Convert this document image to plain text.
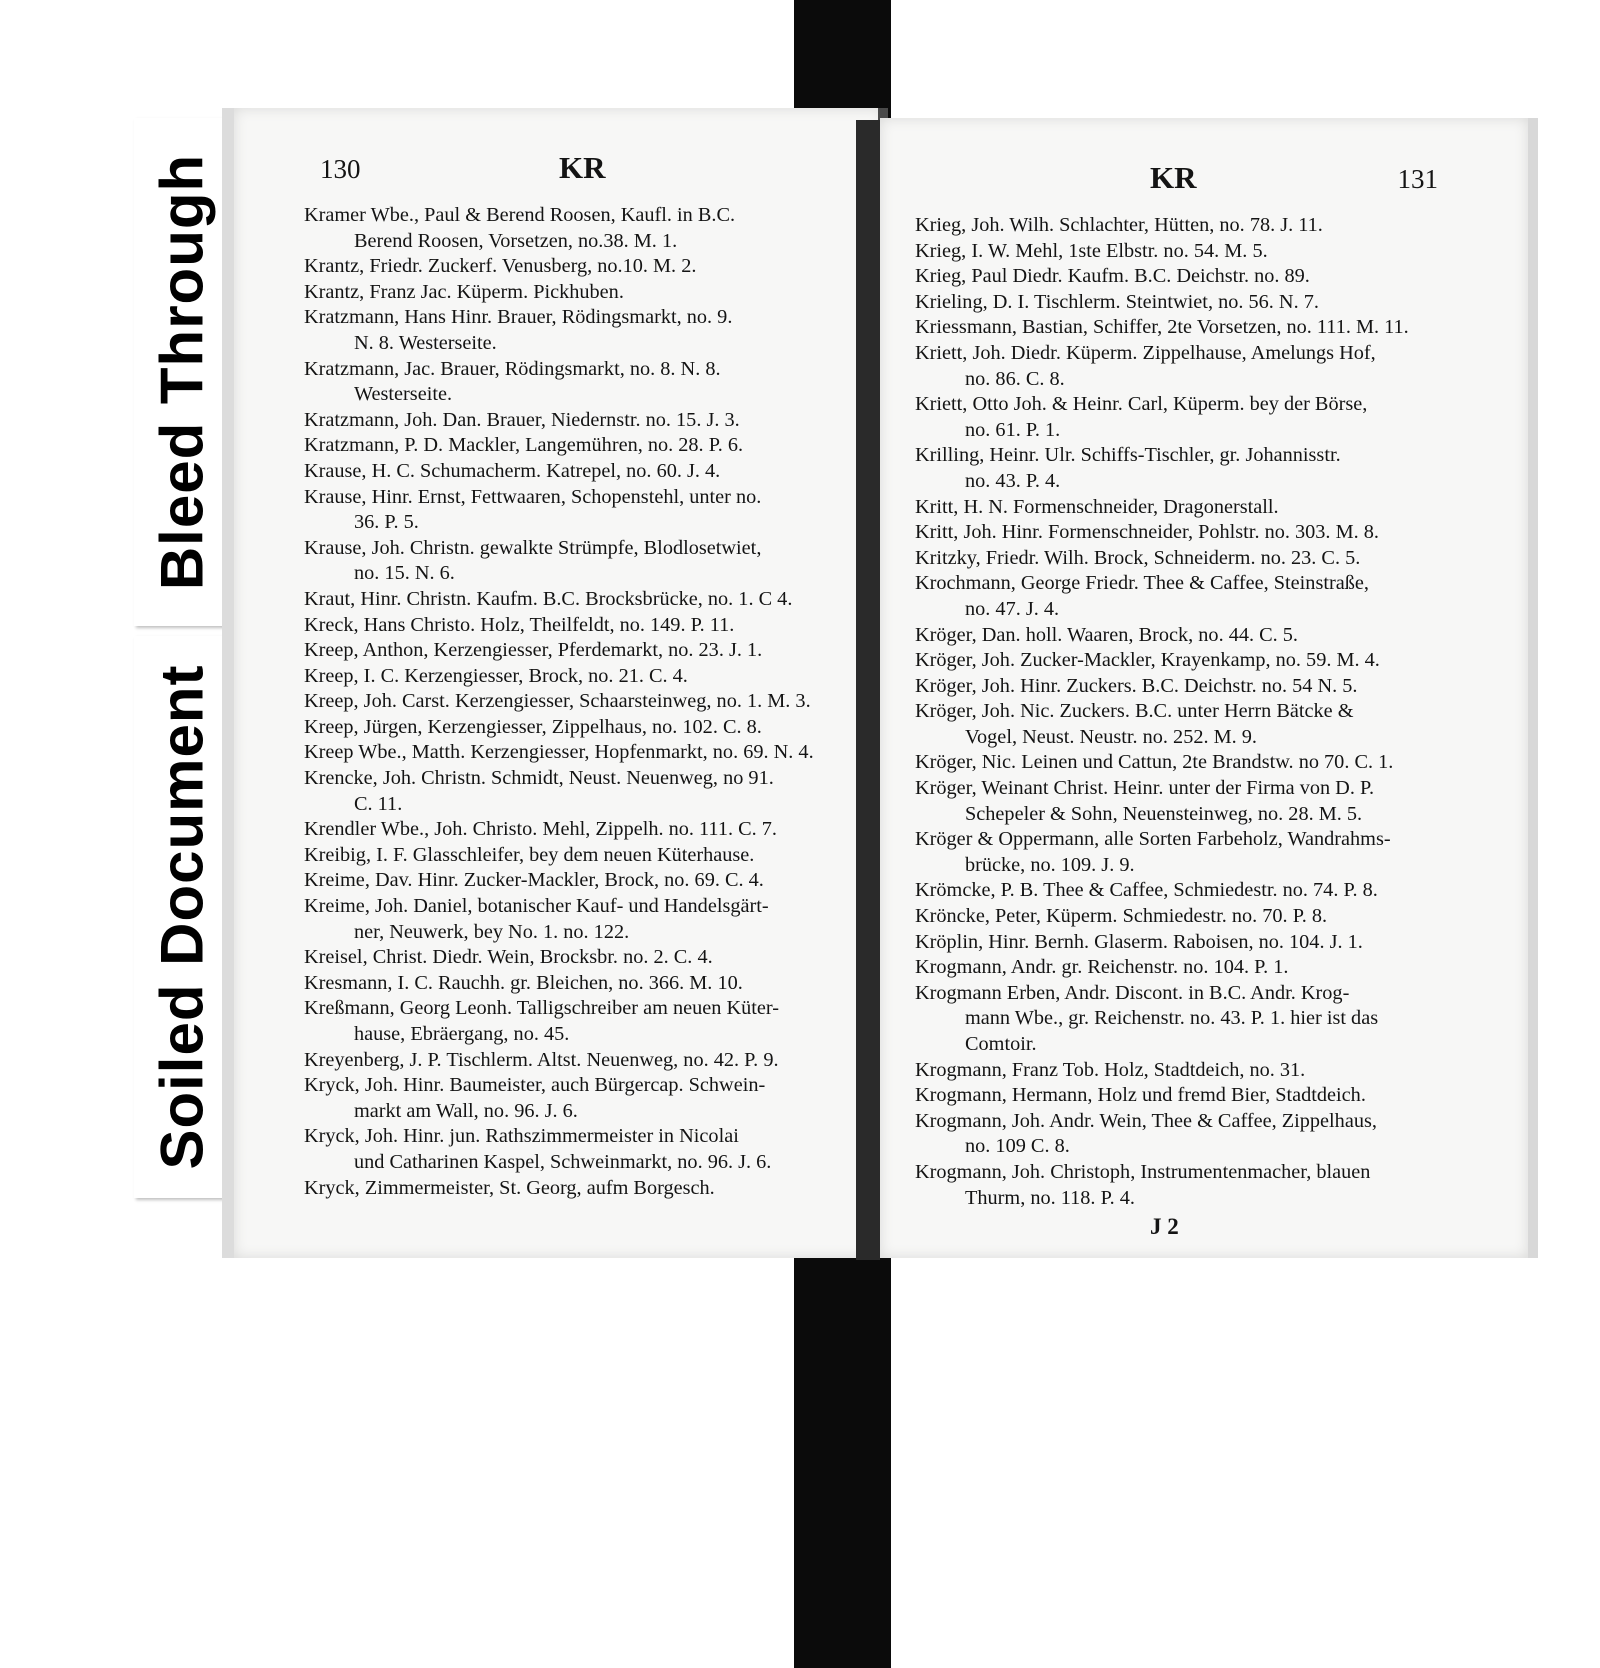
Bleed Through
Soiled Document
130	KR

Kramer Wbe., Paul & Berend Roosen, Kaufl. in B.C.
Berend Roosen, Vorsetzen, no.38. M. 1.

Krantz, Friedr. Zuckerf. Venusberg, no.10. M. 2.

Krantz, Franz Jac. Küperm. Pickhuben.

Kratzmann, Hans Hinr. Brauer, Rödingsmarkt, no. 9.
N. 8. Westerseite.

Kratzmann, Jac. Brauer, Rödingsmarkt, no. 8. N. 8.
Westerseite.

Kratzmann, Joh. Dan. Brauer, Niedernstr. no. 15. J. 3.

Kratzmann, P. D. Mackler, Langemühren, no. 28. P. 6.

Krause, H. C. Schumacherm. Katrepel, no. 60. J. 4.

Krause, Hinr. Ernst, Fettwaaren, Schopenstehl, unter no.
36. P. 5.

Krause, Joh. Christn. gewalkte Strümpfe, Blodlosetwiet,
no. 15. N. 6.

Kraut, Hinr. Christn. Kaufm. B.C. Brocksbrücke, no. 1. C 4.

Kreck, Hans Christo. Holz, Theilfeldt, no. 149. P. 11.

Kreep, Anthon, Kerzengiesser, Pferdemarkt, no. 23. J. 1.

Kreep, I. C. Kerzengiesser, Brock, no. 21. C. 4.

Kreep, Joh. Carst. Kerzengiesser, Schaarsteinweg, no. 1. M. 3.

Kreep, Jürgen, Kerzengiesser, Zippelhaus, no. 102. C. 8.

Kreep Wbe., Matth. Kerzengiesser, Hopfenmarkt, no. 69. N. 4.

Krencke, Joh. Christn. Schmidt, Neust. Neuenweg, no 91.
C. 11.

Krendler Wbe., Joh. Christo. Mehl, Zippelh. no. 111. C. 7.

Kreibig, I. F. Glasschleifer, bey dem neuen Küterhause.

Kreime, Dav. Hinr. Zucker-Mackler, Brock, no. 69. C. 4.

Kreime, Joh. Daniel, botanischer Kauf- und Handelsgärt-
ner, Neuwerk, bey No. 1. no. 122.

Kreisel, Christ. Diedr. Wein, Brocksbr. no. 2. C. 4.

Kresmann, I. C. Rauchh. gr. Bleichen, no. 366. M. 10.

Kreßmann, Georg Leonh. Talligschreiber am neuen Küter-
hause, Ebräergang, no. 45.

Kreyenberg, J. P. Tischlerm. Altst. Neuenweg, no. 42. P. 9.

Kryck, Joh. Hinr. Baumeister, auch Bürgercap. Schwein-
markt am Wall, no. 96. J. 6.

Kryck, Joh. Hinr. jun. Rathszimmermeister in Nicolai
und Catharinen Kaspel, Schweinmarkt, no. 96. J. 6.

Kryck, Zimmermeister, St. Georg, aufm Borgesch.

KR	131

Krieg, Joh. Wilh. Schlachter, Hütten, no. 78. J. 11.

Krieg, I. W. Mehl, 1ste Elbstr. no. 54. M. 5.

Krieg, Paul Diedr. Kaufm. B.C. Deichstr. no. 89.

Krieling, D. I. Tischlerm. Steintwiet, no. 56. N. 7.

Kriessmann, Bastian, Schiffer, 2te Vorsetzen, no. 111. M. 11.

Kriett, Joh. Diedr. Küperm. Zippelhause, Amelungs Hof,
no. 86. C. 8.

Kriett, Otto Joh. & Heinr. Carl, Küperm. bey der Börse,
no. 61. P. 1.

Krilling, Heinr. Ulr. Schiffs-Tischler, gr. Johannisstr.
no. 43. P. 4.

Kritt, H. N. Formenschneider, Dragonerstall.

Kritt, Joh. Hinr. Formenschneider, Pohlstr. no. 303. M. 8.

Kritzky, Friedr. Wilh. Brock, Schneiderm. no. 23. C. 5.

Krochmann, George Friedr. Thee & Caffee, Steinstraße,
no. 47. J. 4.

Kröger, Dan. holl. Waaren, Brock, no. 44. C. 5.

Kröger, Joh. Zucker-Mackler, Krayenkamp, no. 59. M. 4.

Kröger, Joh. Hinr. Zuckers. B.C. Deichstr. no. 54 N. 5.

Kröger, Joh. Nic. Zuckers. B.C. unter Herrn Bätcke &
Vogel, Neust. Neustr. no. 252. M. 9.

Kröger, Nic. Leinen und Cattun, 2te Brandstw. no 70. C. 1.

Kröger, Weinant Christ. Heinr. unter der Firma von D. P.
Schepeler & Sohn, Neuensteinweg, no. 28. M. 5.

Kröger & Oppermann, alle Sorten Farbeholz, Wandrahms-
brücke, no. 109. J. 9.

Krömcke, P. B. Thee & Caffee, Schmiedestr. no. 74. P. 8.

Kröncke, Peter, Küperm. Schmiedestr. no. 70. P. 8.

Kröplin, Hinr. Bernh. Glaserm. Raboisen, no. 104. J. 1.

Krogmann, Andr. gr. Reichenstr. no. 104. P. 1.

Krogmann Erben, Andr. Discont. in B.C. Andr. Krog-
mann Wbe., gr. Reichenstr. no. 43. P. 1. hier ist das
Comtoir.

Krogmann, Franz Tob. Holz, Stadtdeich, no. 31.

Krogmann, Hermann, Holz und fremd Bier, Stadtdeich.

Krogmann, Joh. Andr. Wein, Thee & Caffee, Zippelhaus,
no. 109 C. 8.

Krogmann, Joh. Christoph, Instrumentenmacher, blauen
Thurm, no. 118. P. 4.

J 2
